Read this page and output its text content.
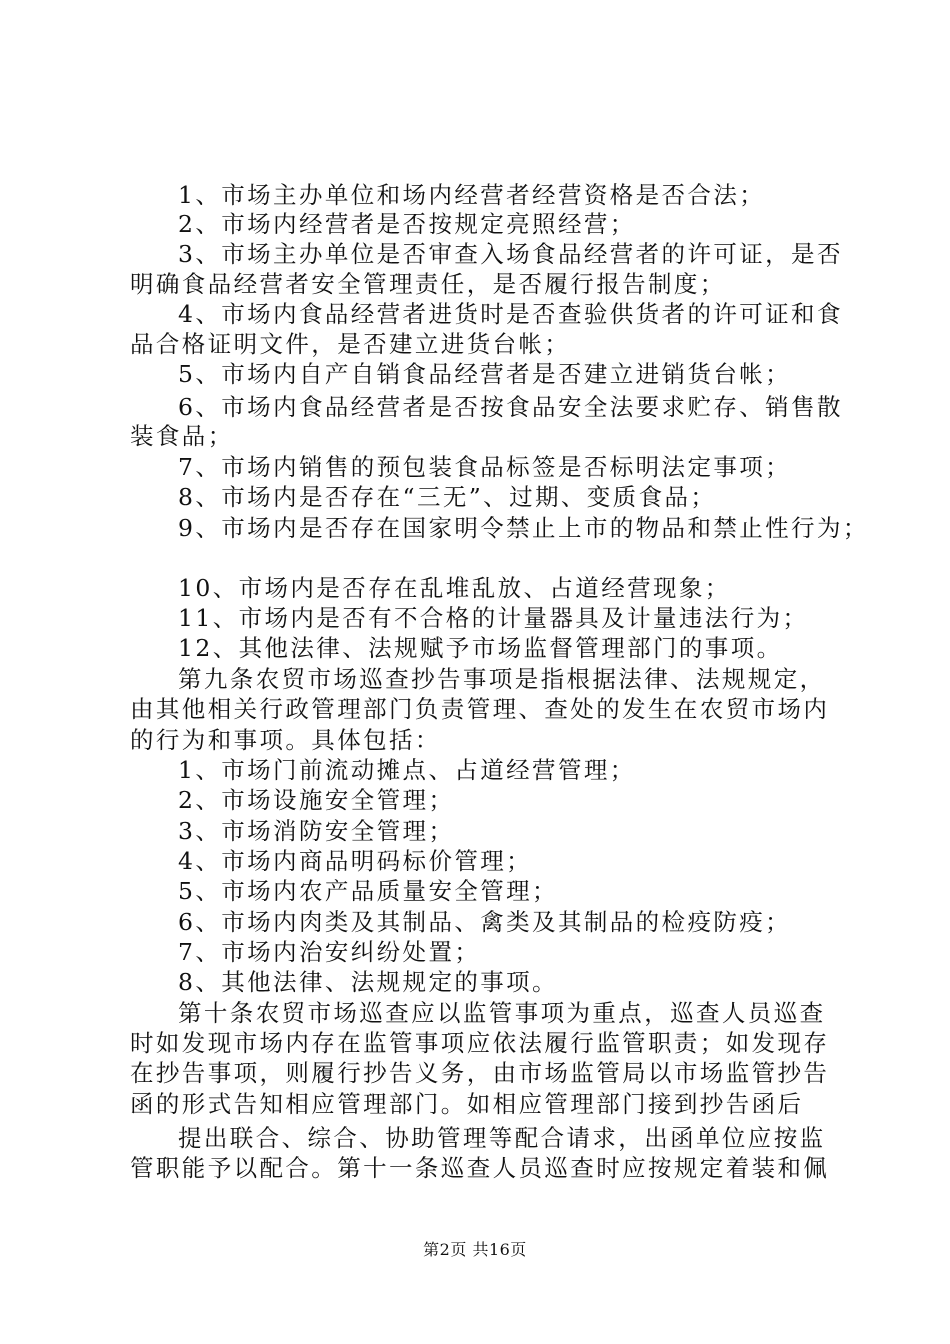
1、市场主办单位和场内经营者经营资格是否合法；
2、市场内经营者是否按规定亮照经营；
3、市场主办单位是否审查入场食品经营者的许可证，是否
明确食品经营者安全管理责任，是否履行报告制度；
4、市场内食品经营者进货时是否查验供货者的许可证和食
品合格证明文件，是否建立进货台帐；
5、市场内自产自销食品经营者是否建立进销货台帐；
6、市场内食品经营者是否按食品安全法要求贮存、销售散
装食品；
7、市场内销售的预包装食品标签是否标明法定事项；
8、市场内是否存在“三无”、过期、变质食品；
9、市场内是否存在国家明令禁止上市的物品和禁止性行为；
10、市场内是否存在乱堆乱放、占道经营现象；
11、市场内是否有不合格的计量器具及计量违法行为；
12、其他法律、法规赋予市场监督管理部门的事项。
第九条农贸市场巡查抄告事项是指根据法律、法规规定，
由其他相关行政管理部门负责管理、查处的发生在农贸市场内
的行为和事项。具体包括：
1、市场门前流动摊点、占道经营管理；
2、市场设施安全管理；
3、市场消防安全管理；
4、市场内商品明码标价管理；
5、市场内农产品质量安全管理；
6、市场内肉类及其制品、禽类及其制品的检疫防疫；
7、市场内治安纠纷处置；
8、其他法律、法规规定的事项。
第十条农贸市场巡查应以监管事项为重点，巡查人员巡查
时如发现市场内存在监管事项应依法履行监管职责；如发现存
在抄告事项，则履行抄告义务，由市场监管局以市场监管抄告
函的形式告知相应管理部门。如相应管理部门接到抄告函后
提出联合、综合、协助管理等配合请求，出函单位应按监
管职能予以配合。第十一条巡查人员巡查时应按规定着装和佩
第2页 共16页
